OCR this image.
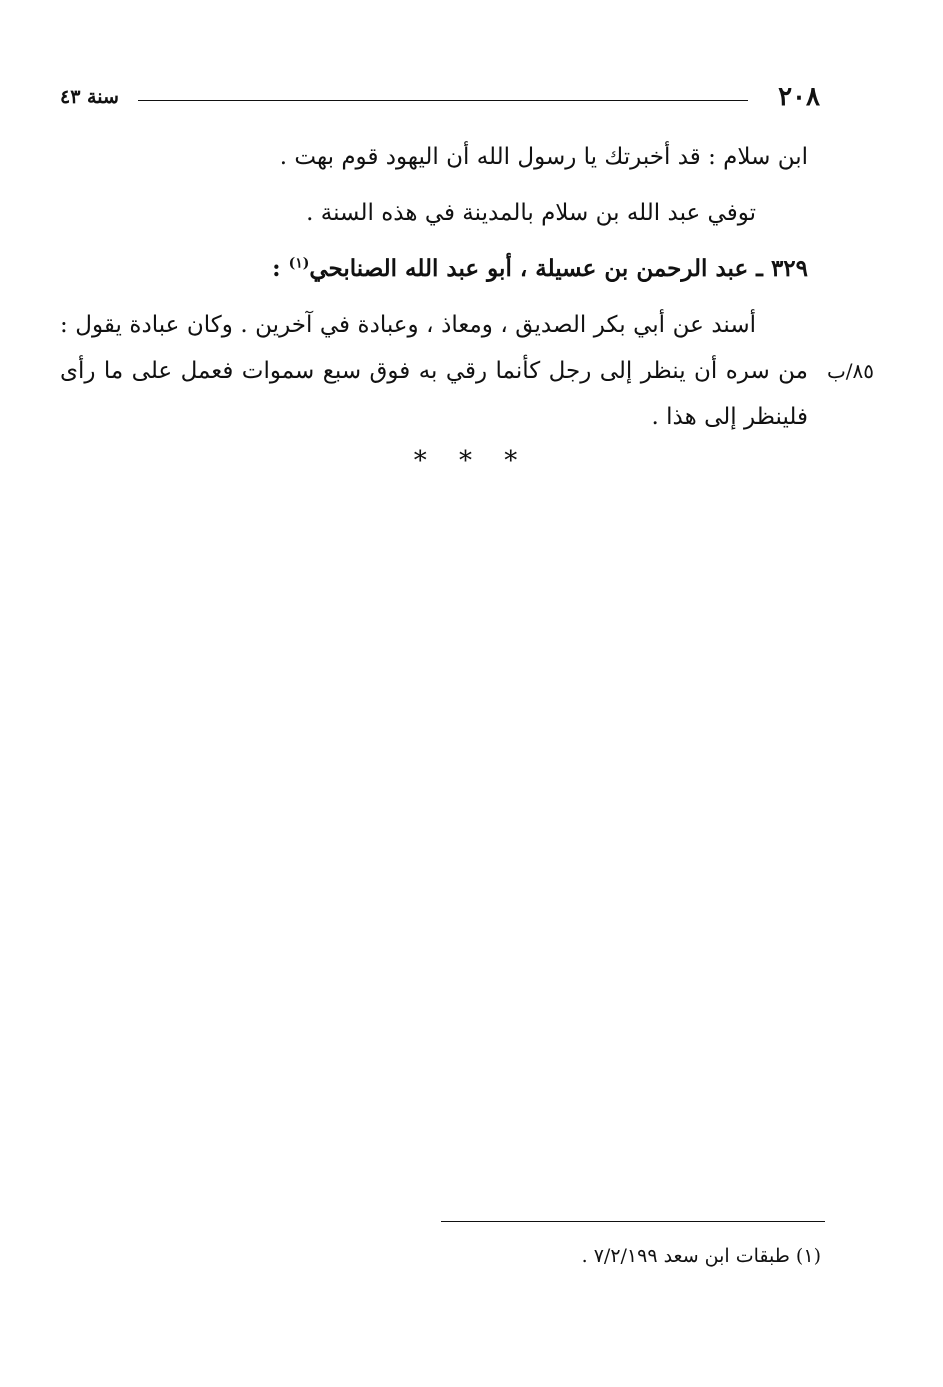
٢٠٨
سنة ٤٣

ابن سلام : قد أخبرتك يا رسول الله أن اليهود قوم بهت .

توفي عبد الله بن سلام بالمدينة في هذه السنة .

٣٢٩ ـ عبد الرحمن بن عسيلة ، أبو عبد الله الصنابحي$^{(١)}$ :

٨٥/ب

أسند عن أبي بكر الصديق ، ومعاذ ، وعبادة في آخرين . وكان عبادة يقول : من سره أن ينظر إلى رجل كأنما رقي به فوق سبع سموات فعمل على ما رأى فلينظر إلى هذا .

* * *
(١) طبقات ابن سعد ٧/٢/١٩٩ .
